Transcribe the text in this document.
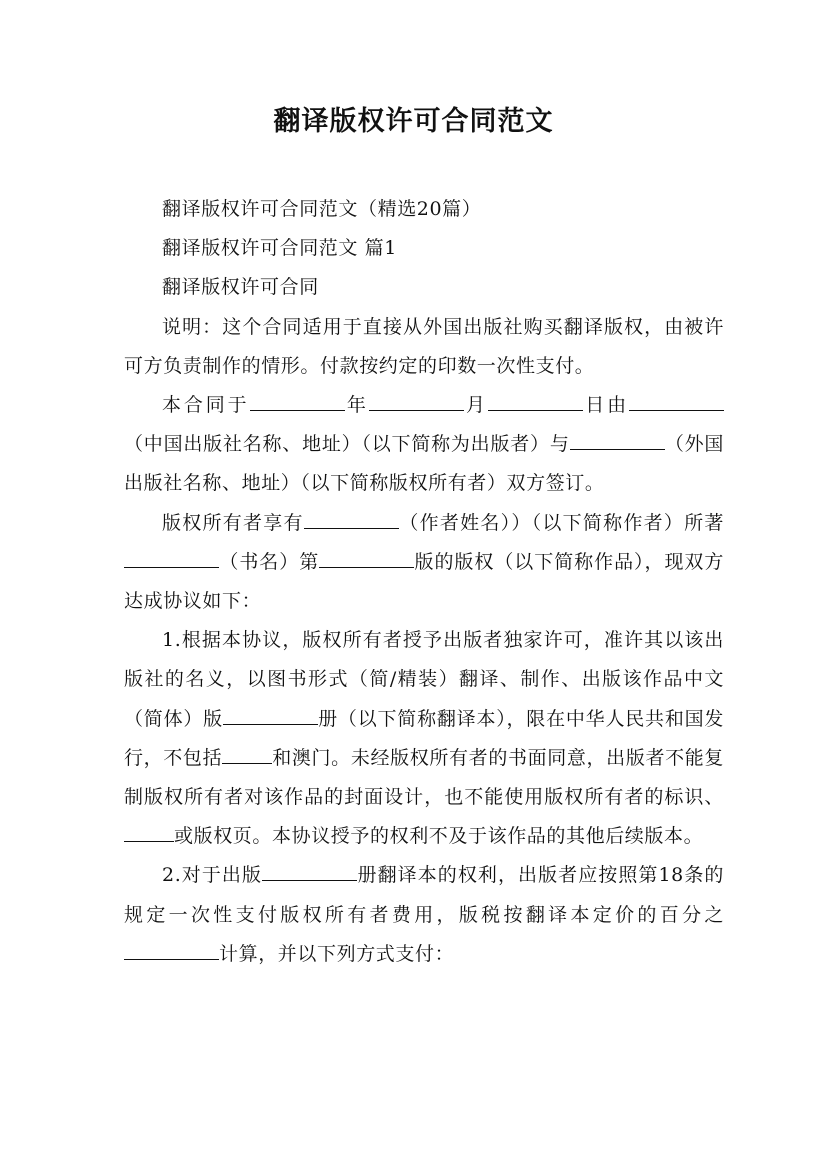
翻译版权许可合同范文

翻译版权许可合同范文（精选20篇）

翻译版权许可合同范文 篇1

翻译版权许可合同

说明：这个合同适用于直接从外国出版社购买翻译版权，由被许可方负责制作的情形。付款按约定的印数一次性支付。

本合同于	年	月	日由（中国出版社名称、地址）（以下简称为出版者）与	（外国出版社名称、地址）（以下简称版权所有者）双方签订。

版权所有者享有	（作者姓名））（以下简称作者）所著（书名）第	版的版权（以下简称作品），现双方达成协议如下：

1.根据本协议，版权所有者授予出版者独家许可，准许其以该出版社的名义，以图书形式（简/精装）翻译、制作、出版该作品中文（简体）版	册（以下简称翻译本），限在中华人民共和国发行，不包括	和澳门。未经版权所有者的书面同意，出版者不能复制版权所有者对该作品的封面设计，也不能使用版权所有者的标识、或版权页。本协议授予的权利不及于该作品的其他后续版本。

2.对于出版	册翻译本的权利，出版者应按照第18条的规定一次性支付版权所有者费用，版税按翻译本定价的百分之计算，并以下列方式支付：
